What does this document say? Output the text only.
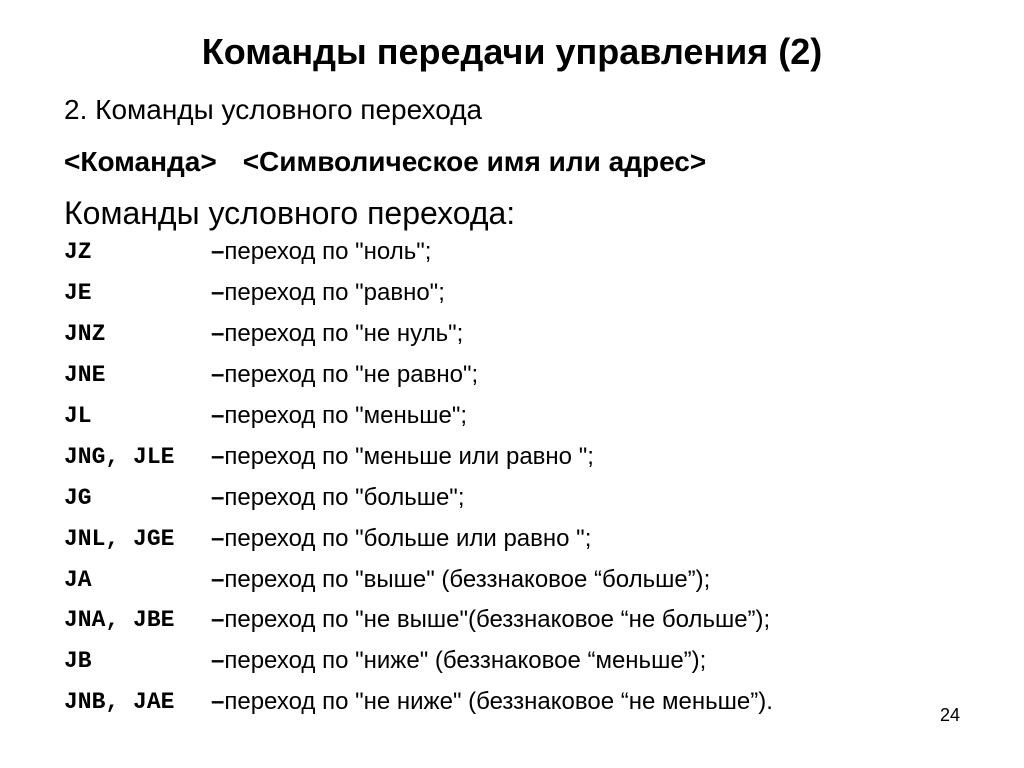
Команды передачи управления (2)
2. Команды условного перехода
<Команда> <Символическое имя или адрес>
Команды условного перехода:
JZ	– переход по "ноль";
JE	– переход по "равно";
JNZ	– переход по "не нуль";
JNE	– переход по "не равно";
JL	– переход по "меньше";
JNG, JLE	– переход по "меньше или равно ";
JG	– переход по "больше";
JNL, JGE	– переход по "больше или равно ";
JA	– переход по "выше" (беззнаковое “больше”);
JNA, JBE	– переход по "не выше"(беззнаковое “не больше”);
JB	– переход по "ниже" (беззнаковое “меньше”);
JNB, JAE	– переход по "не ниже" (беззнаковое “не меньше”).	24
